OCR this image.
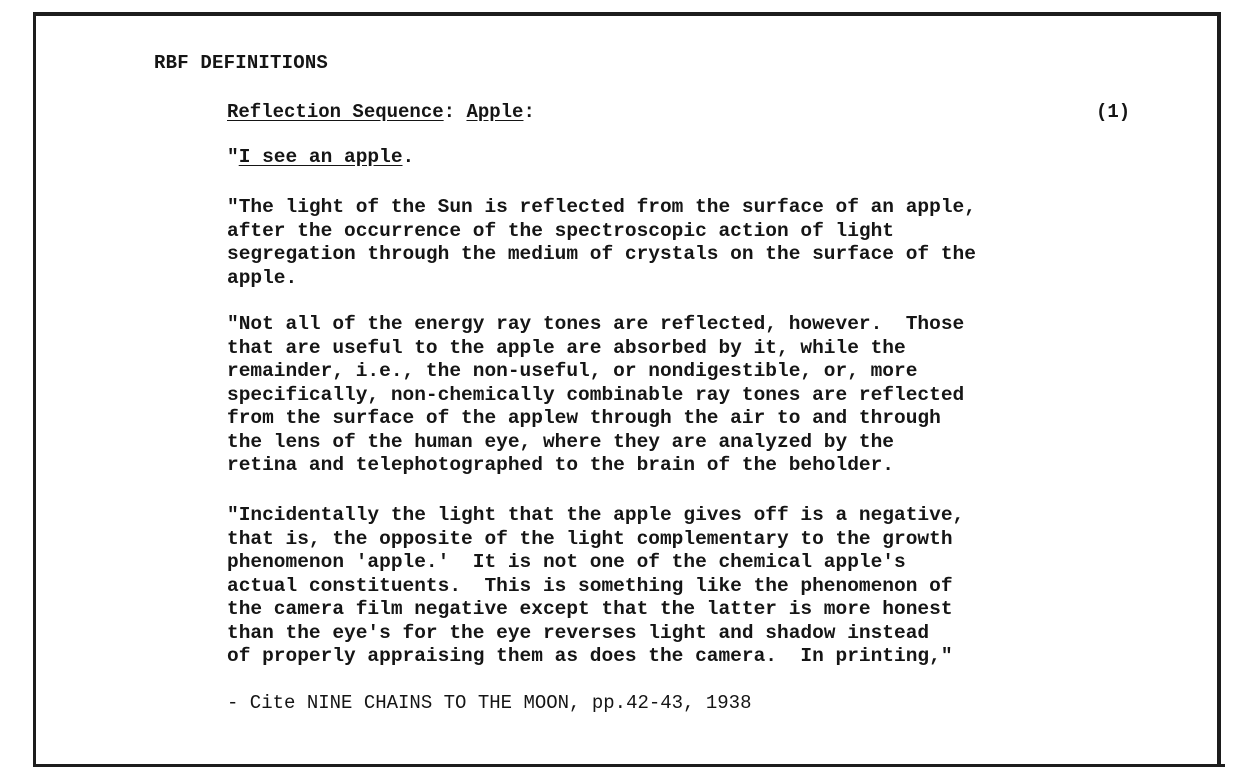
RBF DEFINITIONS
Reflection Sequence: Apple:	(1)

"I see an apple.

"The light of the Sun is reflected from the surface of an apple,
after the occurrence of the spectroscopic action of light
segregation through the medium of crystals on the surface of the
apple.

"Not all of the energy ray tones are reflected, however.  Those
that are useful to the apple are absorbed by it, while the
remainder, i.e., the non-useful, or nondigestible, or, more
specifically, non-chemically combinable ray tones are reflected
from the surface of the applew through the air to and through
the lens of the human eye, where they are analyzed by the
retina and telephotographed to the brain of the beholder.

"Incidentally the light that the apple gives off is a negative,
that is, the opposite of the light complementary to the growth
phenomenon 'apple.'  It is not one of the chemical apple's
actual constituents.  This is something like the phenomenon of
the camera film negative except that the latter is more honest
than the eye's for the eye reverses light and shadow instead
of properly appraising them as does the camera.  In printing,"

- Cite NINE CHAINS TO THE MOON, pp.42-43, 1938
